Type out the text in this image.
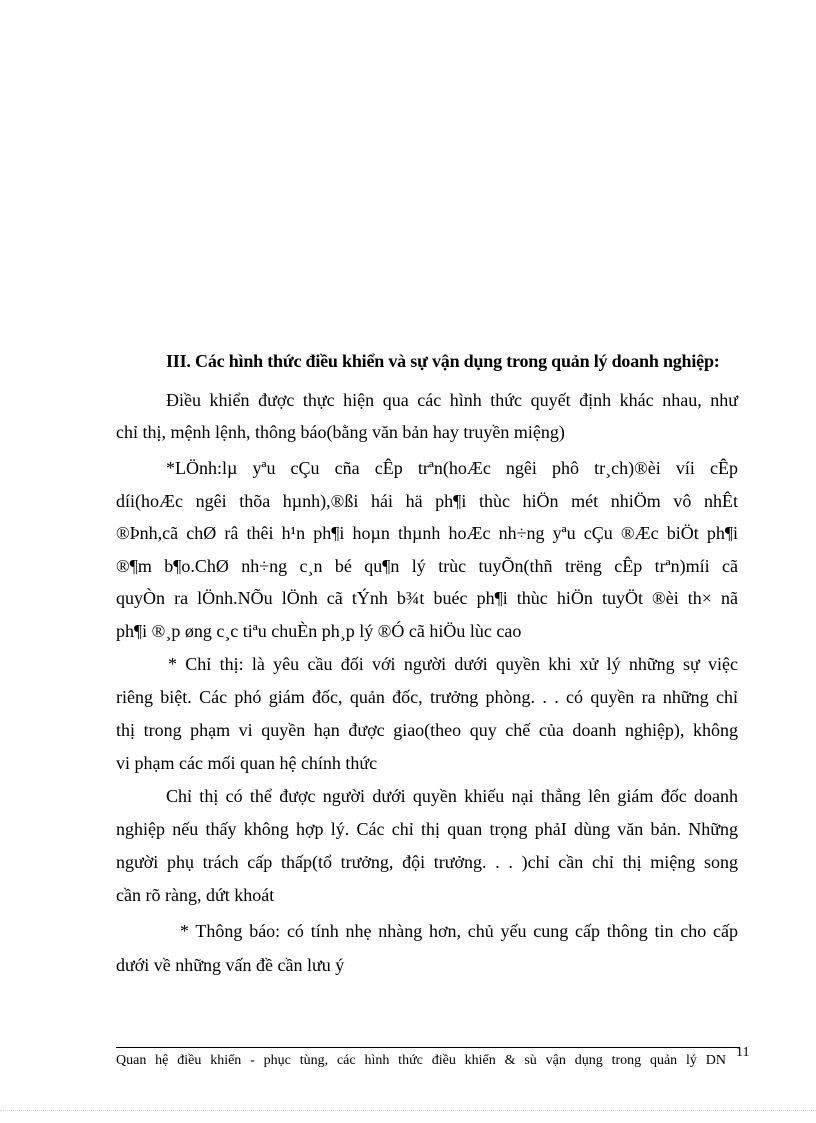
III. Các hình thức điều khiển và sự vận dụng trong quản lý doanh nghiệp:
Điều khiển được thực hiện qua các hình thức quyết định khác nhau, như
chỉ thị, mệnh lệnh, thông báo(bằng văn bản hay truyền miệng)
*LÖnh:lµ yªu cÇu cña cÊp trªn(hoÆc ngêi phô tr¸ch)®èi víi cÊp
díi(hoÆc ngêi thõa hµnh),®ßi hái hä ph¶i thùc hiÖn mét nhiÖm vô nhÊt
®Þnh,cã chØ râ thêi h¹n ph¶i hoµn thµnh hoÆc nh÷ng yªu cÇu ®Æc biÖt ph¶i
®¶m b¶o.ChØ nh÷ng c¸n bé qu¶n lý trùc tuyÕn(thñ trëng cÊp trªn)míi cã
quyÒn ra lÖnh.NÕu lÖnh cã tÝnh b¾t buéc ph¶i thùc hiÖn tuyÖt ®èi th× nã
ph¶i ®¸p øng c¸c tiªu chuÈn ph¸p lý ®Ó cã hiÖu lùc cao
* Chỉ thị: là yêu cầu đối với người dưới quyền khi xử lý những sự việc
riêng biệt. Các phó giám đốc, quản đốc, trưởng phòng. . . có quyền ra những chỉ
thị trong phạm vi quyền hạn được giao(theo quy chế của doanh nghiệp), không
vi phạm các mối quan hệ chính thức
Chỉ thị có thể được người dưới quyền khiếu nại thẳng lên giám đốc doanh
nghiệp nếu thấy không hợp lý. Các chỉ thị quan trọng phảI dùng văn bản. Những
người phụ trách cấp thấp(tổ trưởng, đội trưởng. . . )chỉ cần chỉ thị miệng song
cần rõ ràng, dứt khoát
* Thông báo: có tính nhẹ nhàng hơn, chủ yếu cung cấp thông tin cho cấp
dưới về những vấn đề cần lưu ý
11
Quan hệ điều khiển - phục tùng, các hình thức điều khiển & sù vận dụng trong quản lý DN
